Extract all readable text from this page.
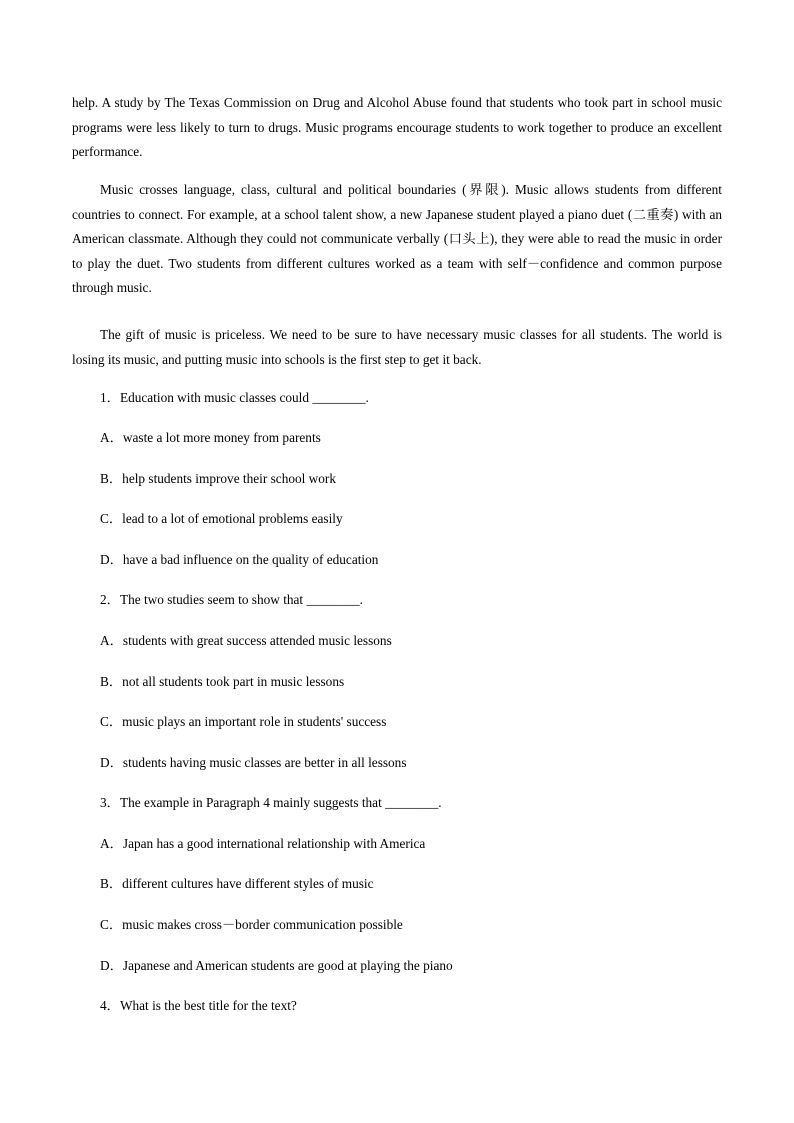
help. A study by The Texas Commission on Drug and Alcohol Abuse found that students who took part in school music programs were less likely to turn to drugs. Music programs encourage students to work together to produce an excellent performance.

Music crosses language, class, cultural and political boundaries (界限). Music allows students from different countries to connect. For example, at a school talent show, a new Japanese student played a piano duet (二重奏) with an American classmate. Although they could not communicate verbally (口头上), they were able to read the music in order to play the duet. Two students from different cultures worked as a team with self－confidence and common purpose through music.

The gift of music is priceless. We need to be sure to have necessary music classes for all students. The world is losing its music, and putting music into schools is the first step to get it back.

1．Education with music classes could ________.

A．waste a lot more money from parents

B．help students improve their school work

C．lead to a lot of emotional problems easily

D．have a bad influence on the quality of education

2．The two studies seem to show that ________.

A．students with great success attended music lessons

B．not all students took part in music lessons

C．music plays an important role in students' success

D．students having music classes are better in all lessons

3．The example in Paragraph 4 mainly suggests that ________.

A．Japan has a good international relationship with America

B．different cultures have different styles of music

C．music makes cross－border communication possible

D．Japanese and American students are good at playing the piano

4．What is the best title for the text?
